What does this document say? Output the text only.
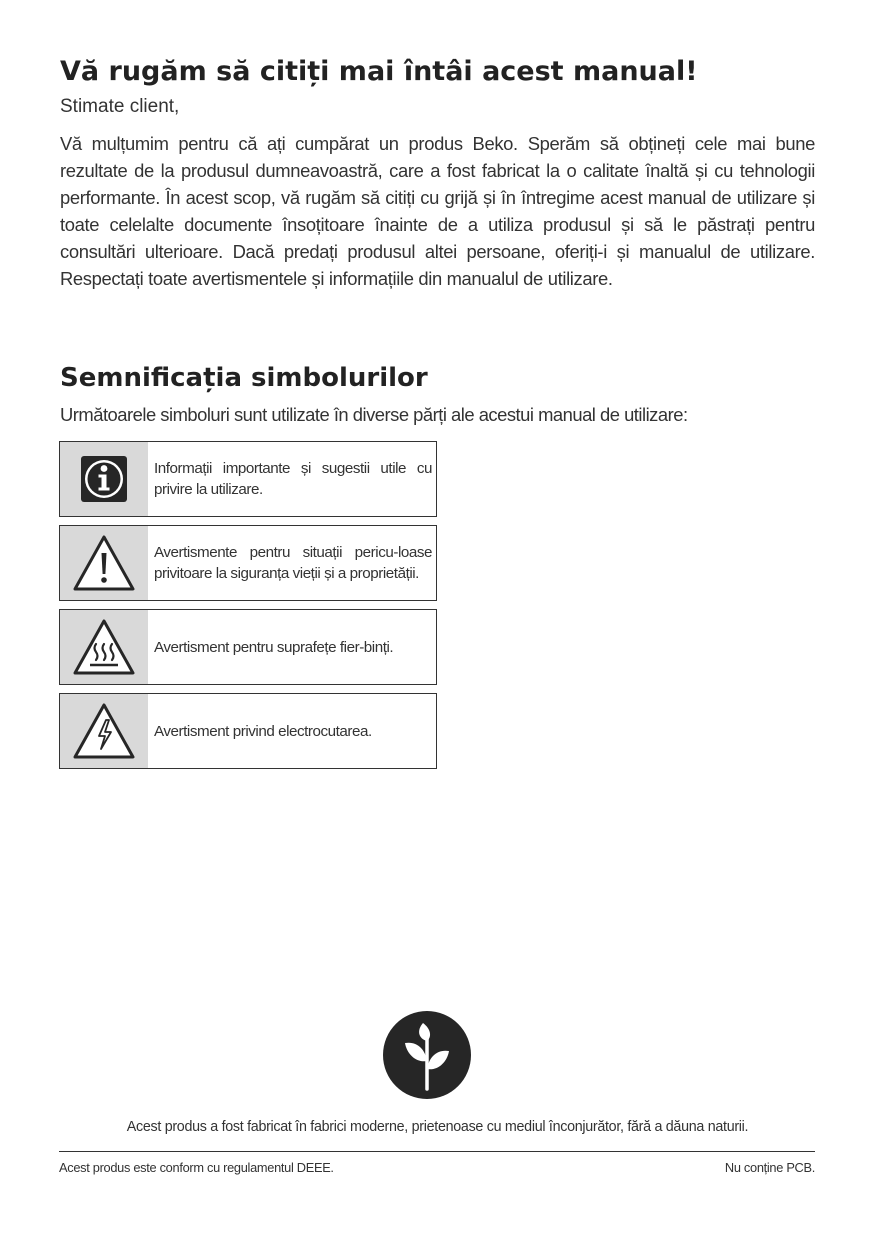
Vă rugăm să citiți mai întâi acest manual!

Stimate client,

Vă mulțumim pentru că ați cumpărat un produs Beko. Sperăm să obțineți cele mai bune rezultate de la produsul dumneavoastră, care a fost fabricat la o calitate înaltă și cu tehnologii performante. În acest scop, vă rugăm să citiți cu grijă și în întregime acest manual de utilizare și toate celelalte documente însoțitoare înainte de a utiliza produsul și să le păstrați pentru consultări ulterioare. Dacă predați produsul altei persoane, oferiți-i și manualul de utilizare. Respectați toate avertismentele și informațiile din manualul de utilizare.

Semnificația simbolurilor

Următoarele simboluri sunt utilizate în diverse părți ale acestui manual de utilizare:

Informații importante și sugestii utile cu privire la utilizare.
Avertismente pentru situații pericu-loase privitoare la siguranța vieții și a proprietății.
Avertisment pentru suprafețe fier-binți.
Avertisment privind electrocutarea.

Acest produs a fost fabricat în fabrici moderne, prietenoase cu mediul înconjurător, fără a dăuna naturii.

Acest produs este conform cu regulamentul DEEE.	Nu conține PCB.
